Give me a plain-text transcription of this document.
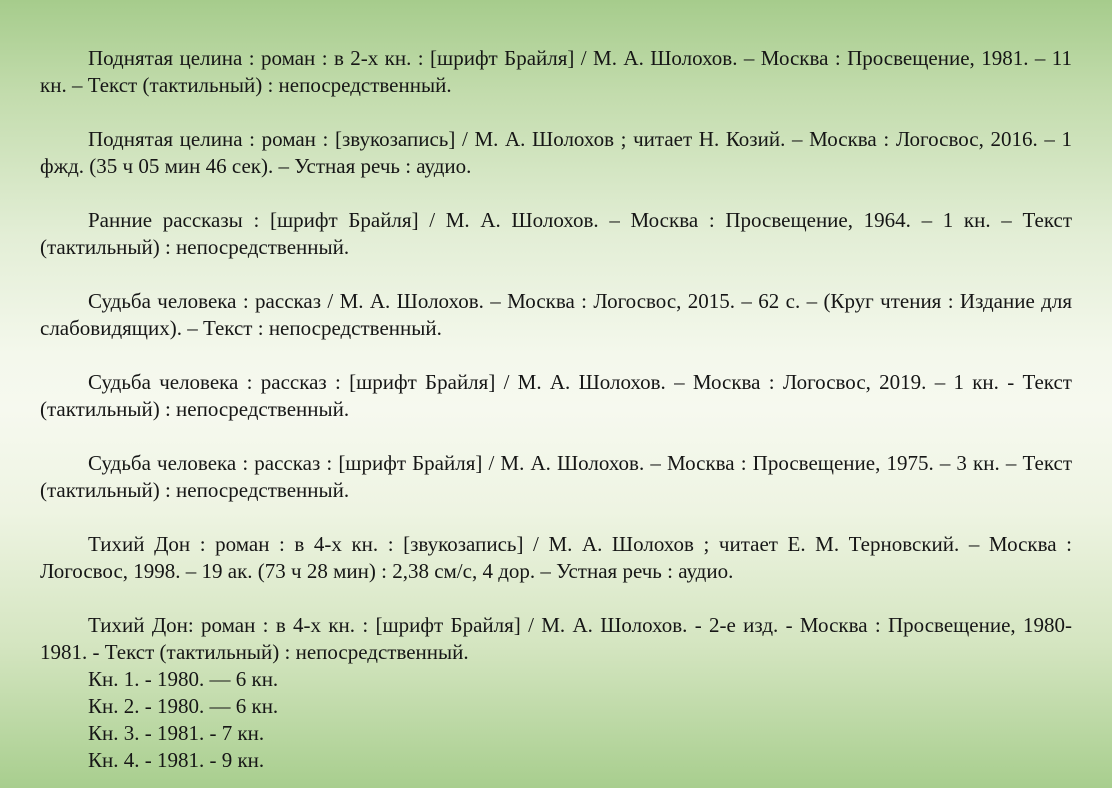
Поднятая целина : роман : в 2-х кн. : [шрифт Брайля] / М. А. Шолохов. – Москва : Просвещение, 1981. – 11 кн. – Текст (тактильный) : непосредственный.

Поднятая целина : роман : [звукозапись] / М. А. Шолохов ; читает Н. Козий. – Москва : Логосвос, 2016. – 1 фжд. (35 ч 05 мин 46 сек). – Устная речь : аудио.

Ранние рассказы : [шрифт Брайля] / М. А. Шолохов. – Москва : Просвещение, 1964. – 1 кн. – Текст (тактильный) : непосредственный.

Судьба человека : рассказ / М. А. Шолохов. – Москва : Логосвос, 2015. – 62 с. – (Круг чтения : Издание для слабовидящих). – Текст : непосредственный.

Судьба человека : рассказ : [шрифт Брайля] / М. А. Шолохов. – Москва : Логосвос, 2019. – 1 кн. - Текст (тактильный) : непосредственный.

Судьба человека : рассказ : [шрифт Брайля] / М. А. Шолохов. – Москва : Просвещение, 1975. – 3 кн. – Текст (тактильный) : непосредственный.

Тихий Дон : роман : в 4-х кн. : [звукозапись] / М. А. Шолохов ; читает Е. М. Терновский. – Москва : Логосвос, 1998. – 19 ак. (73 ч 28 мин) : 2,38 см/с, 4 дор. – Устная речь : аудио.

Тихий Дон: роман : в 4-х кн. : [шрифт Брайля] / М. А. Шолохов. - 2-е изд. - Москва : Просвещение, 1980-1981. - Текст (тактильный) : непосредственный.

Кн. 1. - 1980. — 6 кн.
Кн. 2. - 1980. — 6 кн.
Кн. 3. - 1981. - 7 кн.
Кн. 4. - 1981. - 9 кн.
